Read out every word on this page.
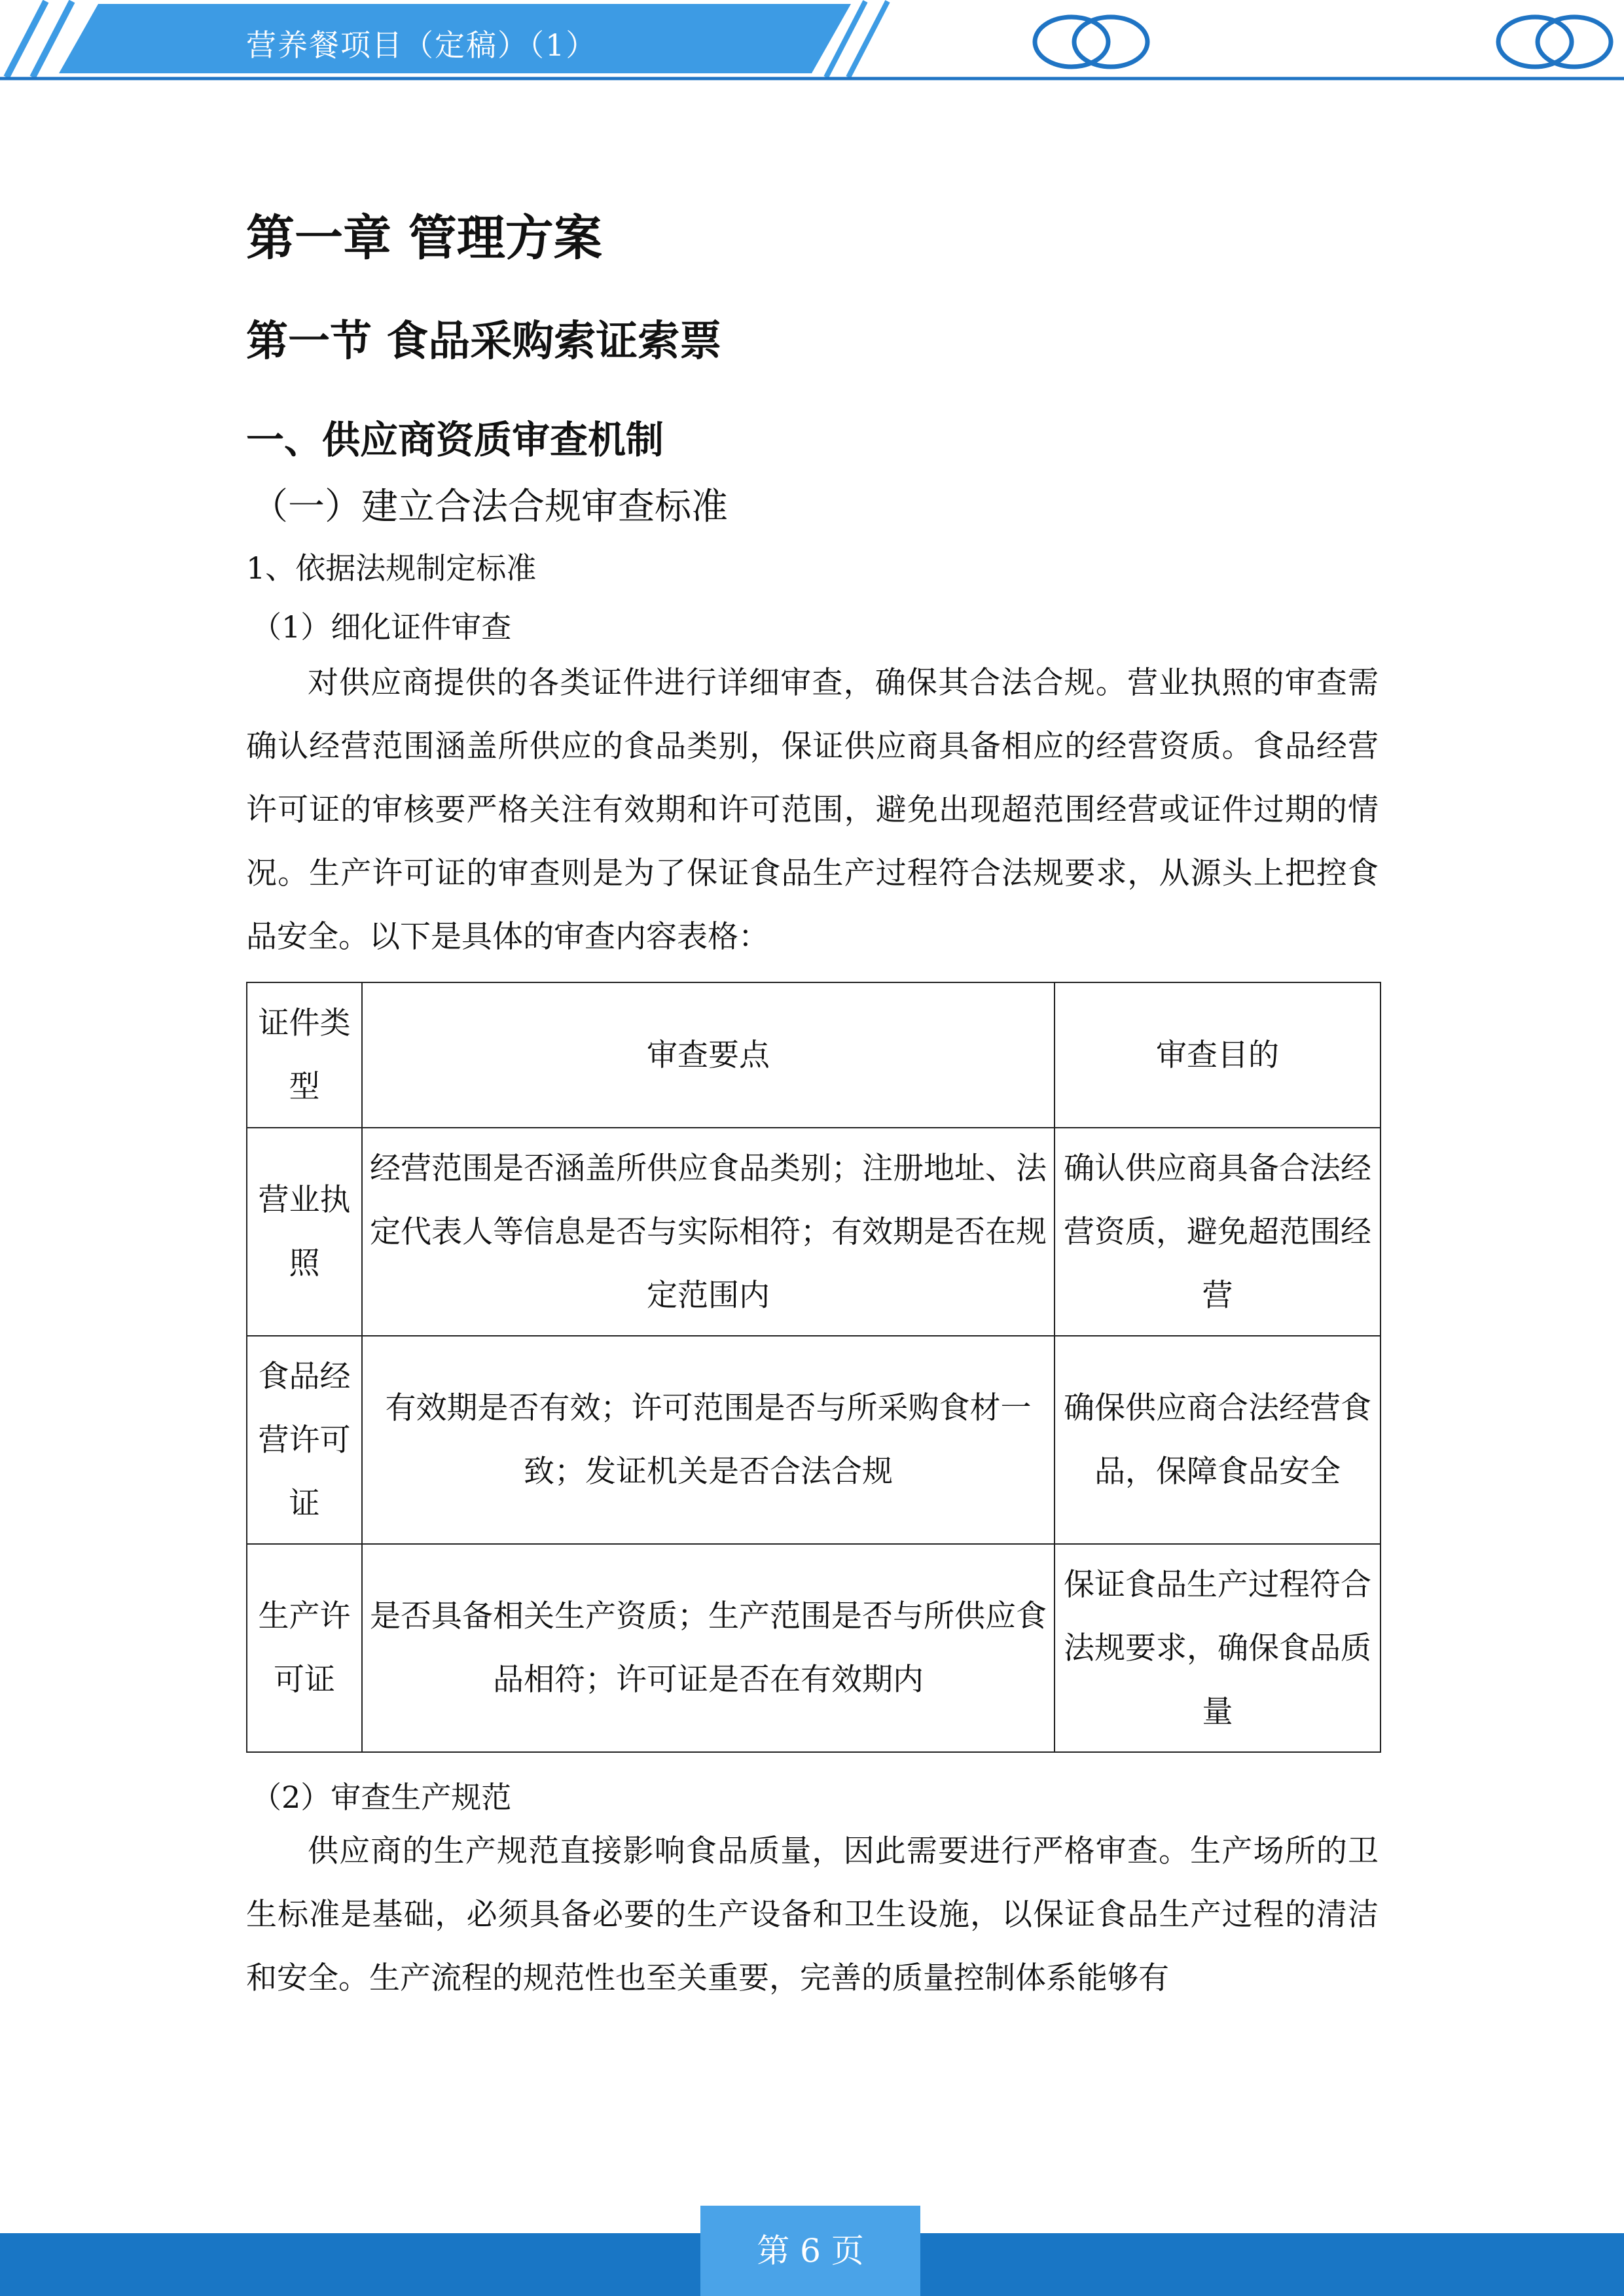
营养餐项目（定稿）（1）
第一章 管理方案
第一节 食品采购索证索票
一、供应商资质审查机制
（一）建立合法合规审查标准
1、依据法规制定标准
（1）细化证件审查

对供应商提供的各类证件进行详细审查，确保其合法合规。营业执照的审查需确认经营范围涵盖所供应的食品类别，保证供应商具备相应的经营资质。食品经营许可证的审核要严格关注有效期和许可范围，避免出现超范围经营或证件过期的情况。生产许可证的审查则是为了保证食品生产过程符合法规要求，从源头上把控食品安全。以下是具体的审查内容表格：

证件类型	审查要点	审查目的
营业执照	经营范围是否涵盖所供应食品类别；注册地址、法定代表人等信息是否与实际相符；有效期是否在规定范围内	确认供应商具备合法经营资质，避免超范围经营
食品经营许可证	有效期是否有效；许可范围是否与所采购食材一致；发证机关是否合法合规	确保供应商合法经营食品，保障食品安全
生产许可证	是否具备相关生产资质；生产范围是否与所供应食品相符；许可证是否在有效期内	保证食品生产过程符合法规要求，确保食品质量
（2）审查生产规范

供应商的生产规范直接影响食品质量，因此需要进行严格审查。生产场所的卫生标准是基础，必须具备必要的生产设备和卫生设施，以保证食品生产过程的清洁和安全。生产流程的规范性也至关重要，完善的质量控制体系能够有

第 6 页
